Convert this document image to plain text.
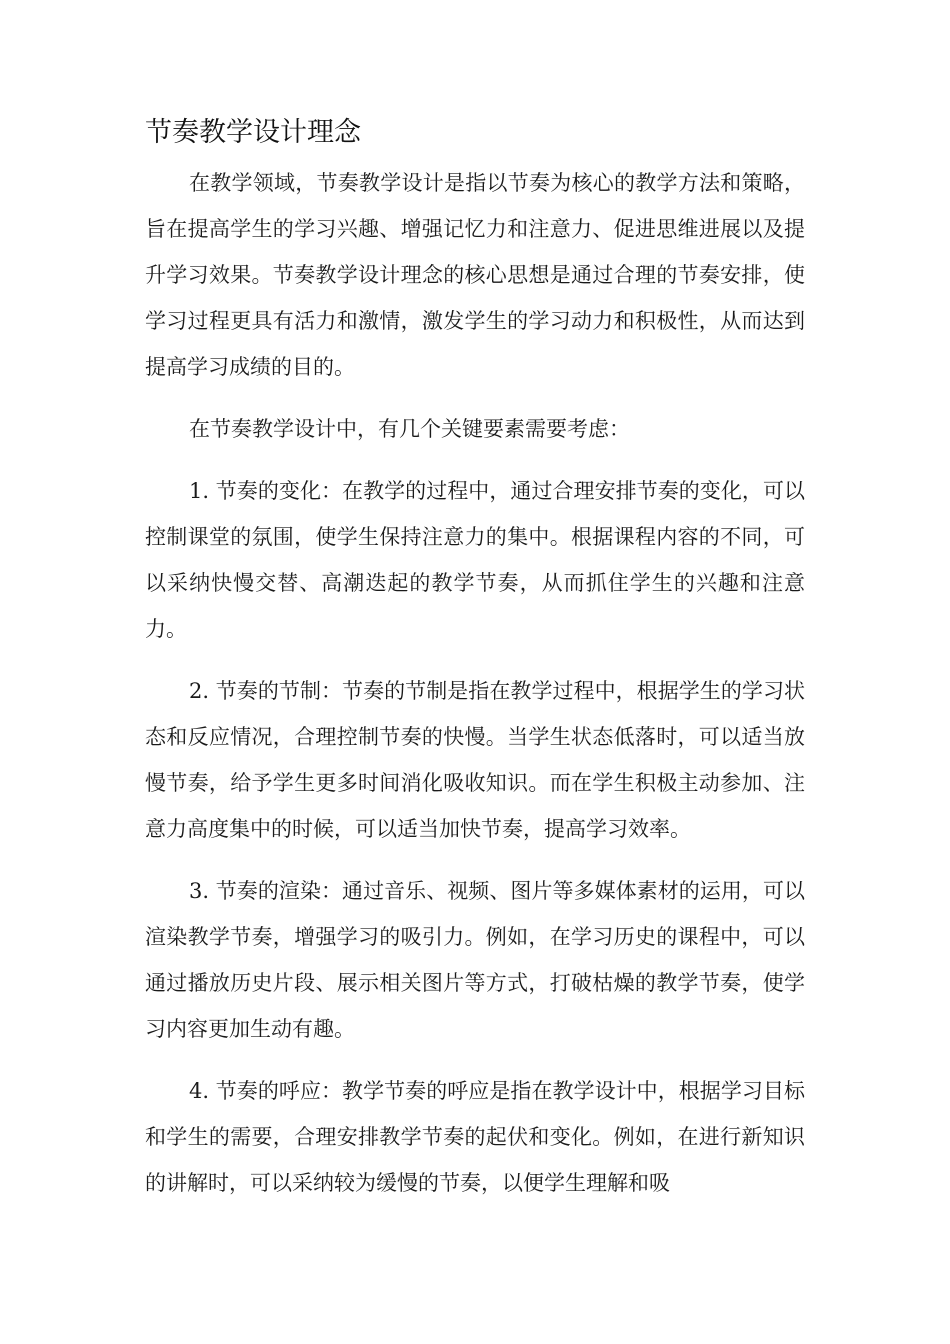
节奏教学设计理念

在教学领域，节奏教学设计是指以节奏为核心的教学方法和策略，旨在提高学生的学习兴趣、增强记忆力和注意力、促进思维进展以及提升学习效果。节奏教学设计理念的核心思想是通过合理的节奏安排，使学习过程更具有活力和激情，激发学生的学习动力和积极性，从而达到提高学习成绩的目的。

在节奏教学设计中，有几个关键要素需要考虑：

1. 节奏的变化：在教学的过程中，通过合理安排节奏的变化，可以控制课堂的氛围，使学生保持注意力的集中。根据课程内容的不同，可以采纳快慢交替、高潮迭起的教学节奏，从而抓住学生的兴趣和注意力。

2. 节奏的节制：节奏的节制是指在教学过程中，根据学生的学习状态和反应情况，合理控制节奏的快慢。当学生状态低落时，可以适当放慢节奏，给予学生更多时间消化吸收知识。而在学生积极主动参加、注意力高度集中的时候，可以适当加快节奏，提高学习效率。

3. 节奏的渲染：通过音乐、视频、图片等多媒体素材的运用，可以渲染教学节奏，增强学习的吸引力。例如，在学习历史的课程中，可以通过播放历史片段、展示相关图片等方式，打破枯燥的教学节奏，使学习内容更加生动有趣。

4. 节奏的呼应：教学节奏的呼应是指在教学设计中，根据学习目标和学生的需要，合理安排教学节奏的起伏和变化。例如，在进行新知识的讲解时，可以采纳较为缓慢的节奏，以便学生理解和吸
